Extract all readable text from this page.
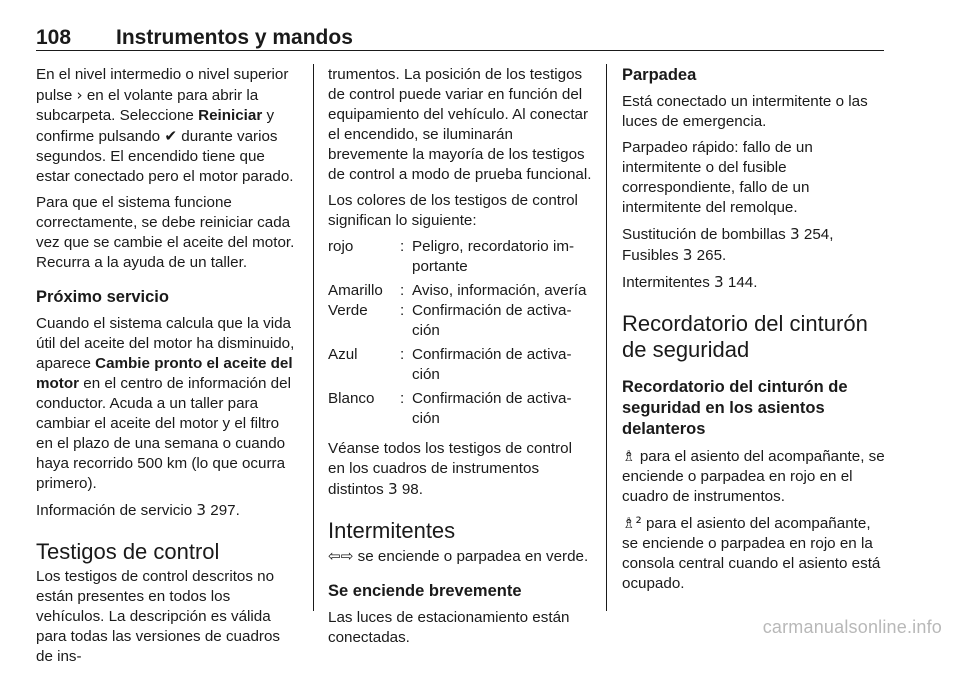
108 Instrumentos y mandos

En el nivel intermedio o nivel superior pulse › en el volante para abrir la subcarpeta. Seleccione Reiniciar y confirme pulsando ✔ durante varios segundos. El encendido tiene que estar conectado pero el motor parado.

Para que el sistema funcione correctamente, se debe reiniciar cada vez que se cambie el aceite del motor. Recurra a la ayuda de un taller.

Próximo servicio

Cuando el sistema calcula que la vida útil del aceite del motor ha disminuido, aparece Cambie pronto el aceite del motor en el centro de información del conductor. Acuda a un taller para cambiar el aceite del motor y el filtro en el plazo de una semana o cuando haya recorrido 500 km (lo que ocurra primero).

Información de servicio 3 297.

Testigos de control

Los testigos de control descritos no están presentes en todos los vehículos. La descripción es válida para todas las versiones de cuadros de ins-

trumentos. La posición de los testigos de control puede variar en función del equipamiento del vehículo. Al conectar el encendido, se iluminarán brevemente la mayoría de los testigos de control a modo de prueba funcional.

Los colores de los testigos de control significan lo siguiente:

rojo	:	Peligro, recordatorio im-portante
Amarillo	:	Aviso, información, avería
Verde	:	Confirmación de activa-ción
Azul	:	Confirmación de activa-ción
Blanco	:	Confirmación de activa-ción

Véanse todos los testigos de control en los cuadros de instrumentos distintos 3 98.

Intermitentes

⇦⇨ se enciende o parpadea en verde.

Se enciende brevemente

Las luces de estacionamiento están conectadas.

Parpadea

Está conectado un intermitente o las luces de emergencia.

Parpadeo rápido: fallo de un intermitente o del fusible correspondiente, fallo de un intermitente del remolque.

Sustitución de bombillas 3 254, Fusibles 3 265.

Intermitentes 3 144.

Recordatorio del cinturón de seguridad
Recordatorio del cinturón de seguridad en los asientos delanteros

♗ para el asiento del acompañante, se enciende o parpadea en rojo en el cuadro de instrumentos.

♗² para el asiento del acompañante, se enciende o parpadea en rojo en la consola central cuando el asiento está ocupado.

carmanualsonline.info
